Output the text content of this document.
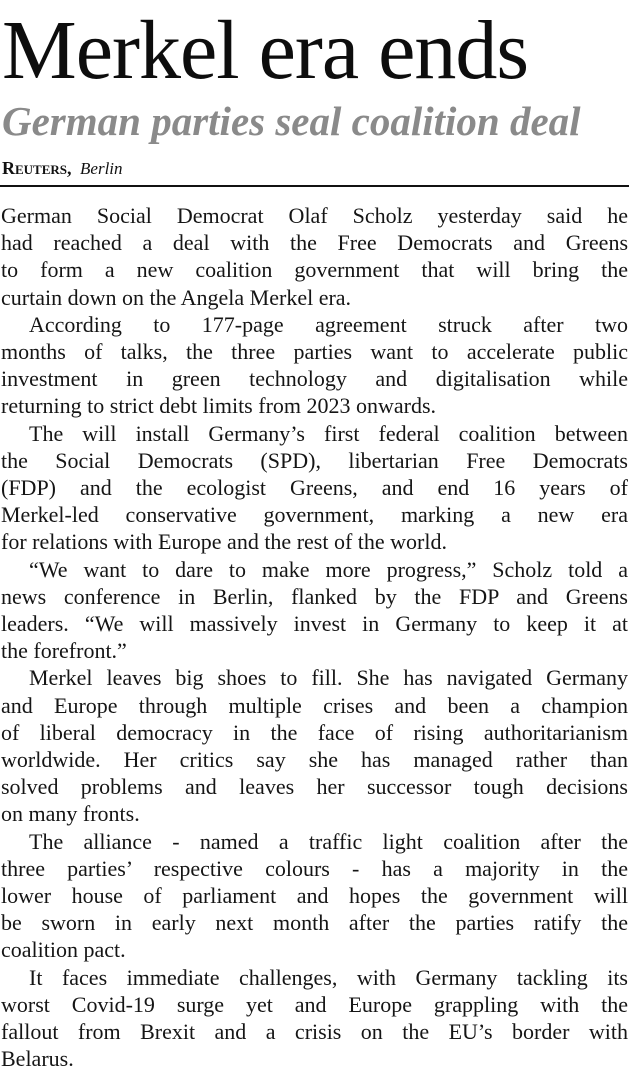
Merkel era ends
German parties seal coalition deal
Reuters, Berlin
German Social Democrat Olaf Scholz yesterday said he
had reached a deal with the Free Democrats and Greens
to form a new coalition government that will bring the
curtain down on the Angela Merkel era.
According to 177-page agreement struck after two
months of talks, the three parties want to accelerate public
investment in green technology and digitalisation while
returning to strict debt limits from 2023 onwards.
The will install Germany’s first federal coalition between
the Social Democrats (SPD), libertarian Free Democrats
(FDP) and the ecologist Greens, and end 16 years of
Merkel-led conservative government, marking a new era
for relations with Europe and the rest of the world.
“We want to dare to make more progress,” Scholz told a
news conference in Berlin, flanked by the FDP and Greens
leaders. “We will massively invest in Germany to keep it at
the forefront.”
Merkel leaves big shoes to fill. She has navigated Germany
and Europe through multiple crises and been a champion
of liberal democracy in the face of rising authoritarianism
worldwide. Her critics say she has managed rather than
solved problems and leaves her successor tough decisions
on many fronts.
The alliance - named a traffic light coalition after the
three parties’ respective colours - has a majority in the
lower house of parliament and hopes the government will
be sworn in early next month after the parties ratify the
coalition pact.
It faces immediate challenges, with Germany tackling its
worst Covid-19 surge yet and Europe grappling with the
fallout from Brexit and a crisis on the EU’s border with
Belarus.
